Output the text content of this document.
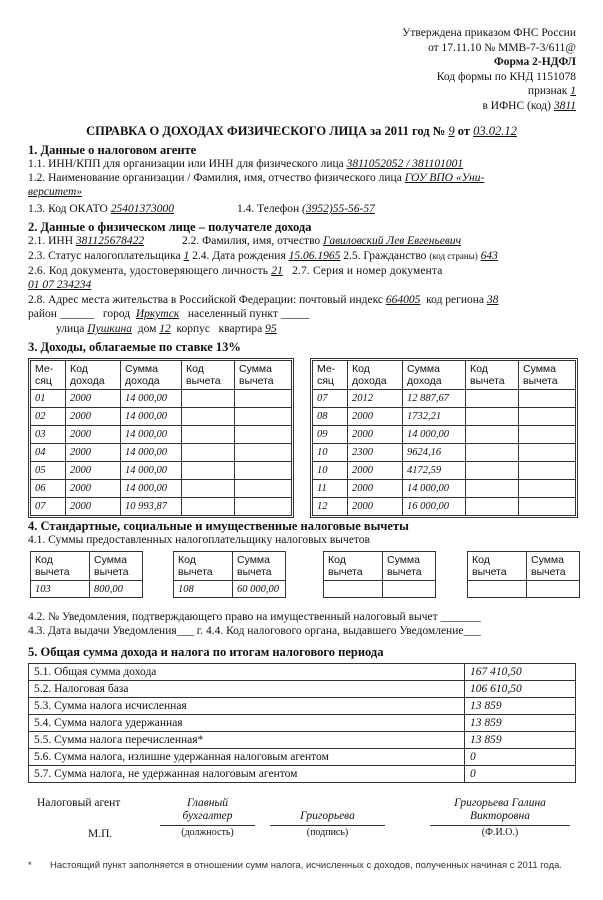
Утверждена приказом ФНС России
от 17.11.10 № ММВ-7-3/611@
Форма 2-НДФЛ
Код формы по КНД 1151078
признак 1
в ИФНС (код) 3811
СПРАВКА О ДОХОДАХ ФИЗИЧЕСКОГО ЛИЦА за 2011 год № 9 от 03.02.12
1. Данные о налоговом агенте
1.1. ИНН/КПП для организации или ИНН для физического лица 3811052052 / 381101001
1.2. Наименование организации / Фамилия, имя, отчество физического лица ГОУ ВПО «Уни-
верситет»
1.3. Код ОКАТО 25401373000	1.4. Телефон (3952)55-56-57
2. Данные о физическом лице – получателе дохода
2.1. ИНН 381125678422	2.2. Фамилия, имя, отчество Гавиловский Лев Евгеньевич
2.3. Статус налогоплательщика 1 2.4. Дата рождения 15.06.1965 2.5. Гражданство (код страны) 643
2.6. Код документа, удостоверяющего личность 21 2.7. Серия и номер документа
01 07 234234
2.8. Адрес места жительства в Российской Федерации: почтовый индекс 664005 код региона 38
район ______   город Иркутск населенный пункт _____
улица Пушкина дом 12 корпус квартира 95
3. Доходы, облагаемые по ставке 13%
Ме-сяц	Код дохода	Сумма дохода	Код вычета	Сумма вычета
01	2000	14 000,00		
02	2000	14 000,00		
03	2000	14 000,00		
04	2000	14 000,00		
05	2000	14 000,00		
06	2000	14 000,00		
07	2000	10 993,87		
Ме-сяц	Код дохода	Сумма дохода	Код вычета	Сумма вычета
07	2012	12 887,67		
08	2000	1732,21		
09	2000	14 000,00		
10	2300	9624,16		
10	2000	4172,59		
11	2000	14 000,00		
12	2000	16 000,00		
4. Стандартные, социальные и имущественные налоговые вычеты
4.1. Суммы предоставленных налогоплательщику налоговых вычетов
Код вычета	Сумма вычета
103	800,00
Код вычета	Сумма вычета
108	60 000,00
Код вычета	Сумма вычета

Код вычета	Сумма вычета

4.2. № Уведомления, подтверждающего право на имущественный налоговый вычет _______
4.3. Дата выдачи Уведомления___ г. 4.4. Код налогового органа, выдавшего Уведомление___
5. Общая сумма дохода и налога по итогам налогового периода
5.1. Общая сумма дохода	167 410,50
5.2. Налоговая база	106 610,50
5.3. Сумма налога исчисленная	13 859
5.4. Сумма налога удержанная	13 859
5.5. Сумма налога перечисленная*	13 859
5.6. Сумма налога, излишне удержанная налоговым агентом	0
5.7. Сумма налога, не удержанная налоговым агентом	0
Налоговый агент
М.П.
Главный
бухгалтер
(должность)
Григорьева
(подпись)
Григорьева Галина
Викторовна
(Ф.И.О.)
* Настоящий пункт заполняется в отношении сумм налога, исчисленных с доходов, полученных начиная с 2011 года.
